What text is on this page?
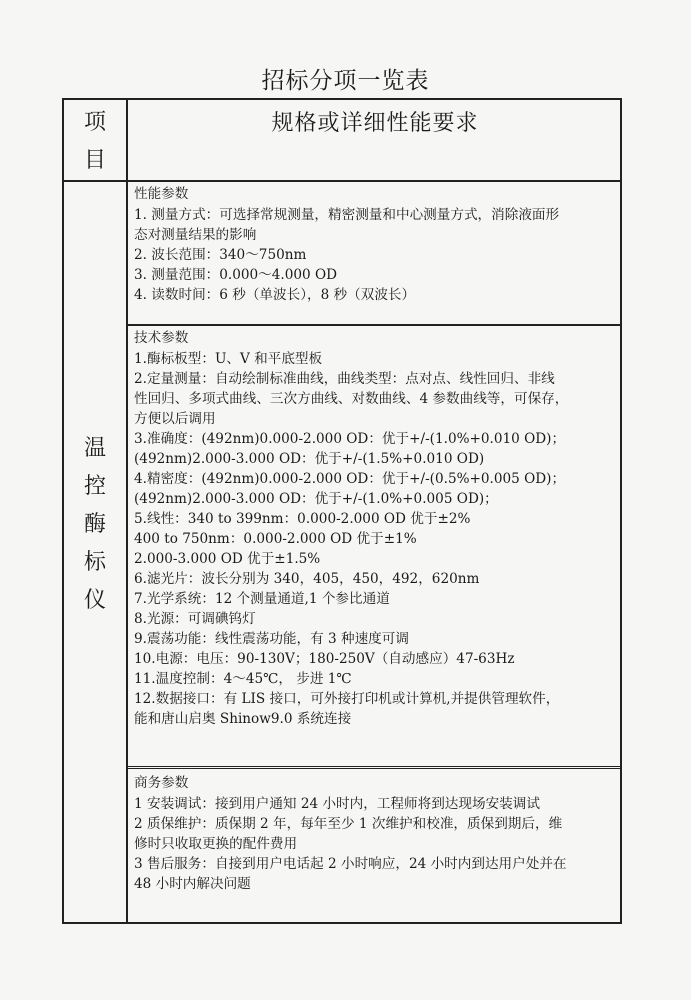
招标分项一览表
项
目
规格或详细性能要求
温
控
酶
标
仪
性能参数
1. 测量方式：可选择常规测量，精密测量和中心测量方式，消除液面形
态对测量结果的影响
2. 波长范围：340～750nm
3. 测量范围：0.000～4.000 OD
4. 读数时间：6 秒（单波长），8 秒（双波长）
技术参数
1.酶标板型：U、V 和平底型板
2.定量测量：自动绘制标准曲线，曲线类型：点对点、线性回归、非线
性回归、多项式曲线、三次方曲线、对数曲线、4 参数曲线等，可保存，
方便以后调用
3.准确度：(492nm)0.000-2.000 OD：优于+/-(1.0%+0.010 OD)；
(492nm)2.000-3.000 OD：优于+/-(1.5%+0.010 OD)
4.精密度：(492nm)0.000-2.000 OD：优于+/-(0.5%+0.005 OD)；
(492nm)2.000-3.000 OD：优于+/-(1.0%+0.005 OD)；
5.线性：340 to 399nm：0.000-2.000 OD 优于±2%
400 to 750nm：0.000-2.000 OD 优于±1%
2.000-3.000 OD 优于±1.5%
6.滤光片：波长分别为 340，405，450，492，620nm
7.光学系统：12 个测量通道,1 个参比通道
8.光源：可调碘钨灯
9.震荡功能：线性震荡功能，有 3 种速度可调
10.电源：电压：90-130V；180-250V（自动感应）47-63Hz
11.温度控制：4～45℃， 步进 1℃
12.数据接口：有 LIS 接口，可外接打印机或计算机,并提供管理软件，
能和唐山启奥 Shinow9.0 系统连接
商务参数
1 安装调试：接到用户通知 24 小时内，工程师将到达现场安装调试
2 质保维护：质保期 2 年，每年至少 1 次维护和校准，质保到期后，维
修时只收取更换的配件费用
3 售后服务：自接到用户电话起 2 小时响应，24 小时内到达用户处并在
48 小时内解决问题
